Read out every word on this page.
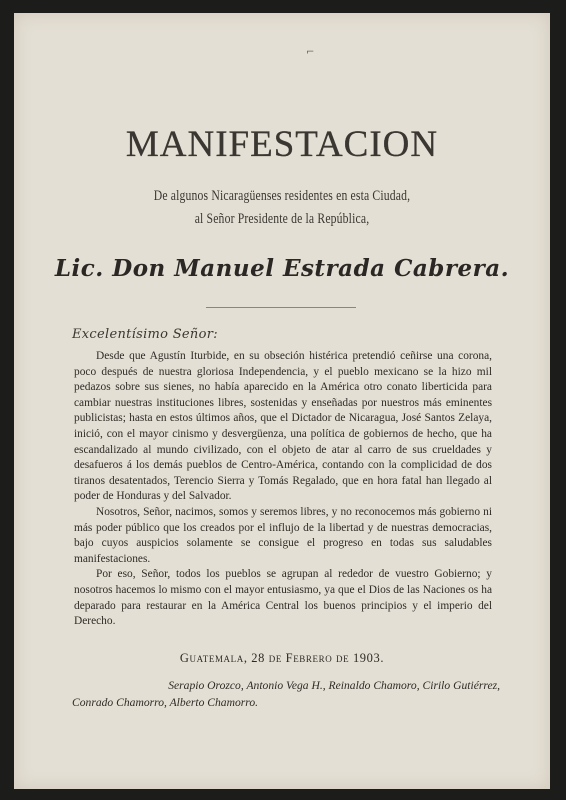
⌐
MANIFESTACION
De algunos Nicaragüenses residentes en esta Ciudad,
al Señor Presidente de la República,
Lic. Don Manuel Estrada Cabrera.
Excelentísimo Señor:

Desde que Agustín Iturbide, en su obseción histérica pretendió ceñirse una corona, poco después de nuestra gloriosa Independencia, y el pueblo mexicano se la hizo mil pedazos sobre sus sienes, no había aparecido en la América otro conato liberticida para cambiar nuestras instituciones libres, sostenidas y enseñadas por nuestros más eminentes publicistas; hasta en estos últimos años, que el Dictador de Nicaragua, José Santos Zelaya, inició, con el mayor cinismo y desvergüenza, una política de gobiernos de hecho, que ha escandalizado al mundo civilizado, con el objeto de atar al carro de sus crueldades y desafueros á los demás pueblos de Centro-América, contando con la complicidad de dos tiranos desatentados, Terencio Sierra y Tomás Regalado, que en hora fatal han llegado al poder de Honduras y del Salvador.

Nosotros, Señor, nacimos, somos y seremos libres, y no reconocemos más gobierno ni más poder público que los creados por el influjo de la libertad y de nuestras democracias, bajo cuyos auspicios solamente se consigue el progreso en todas sus saludables manifestaciones.

Por eso, Señor, todos los pueblos se agrupan al rededor de vuestro Gobierno; y nosotros hacemos lo mismo con el mayor entusiasmo, ya que el Dios de las Naciones os ha deparado para restaurar en la América Central los buenos principios y el imperio del Derecho.

Guatemala, 28 de Febrero de 1903.
Serapio Orozco, Antonio Vega H., Reinaldo Chamoro, Cirilo Gutiérrez,
Conrado Chamorro, Alberto Chamorro.
